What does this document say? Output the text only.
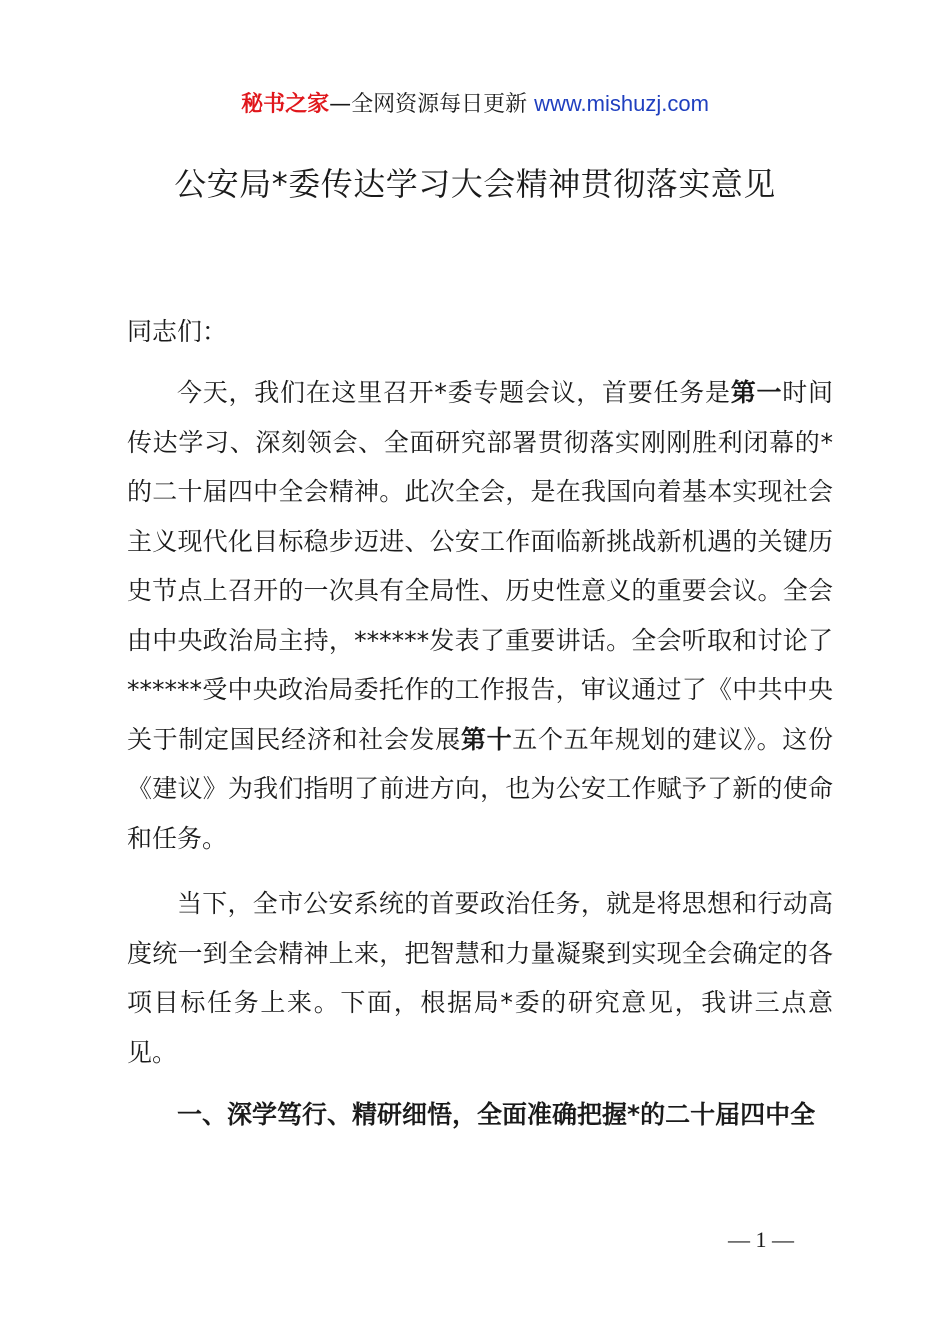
秘书之家—全网资源每日更新 www.mishuzj.com
公安局*委传达学习大会精神贯彻落实意见

同志们：

今天，我们在这里召开*委专题会议，首要任务是第一时间传达学习、深刻领会、全面研究部署贯彻落实刚刚胜利闭幕的*的二十届四中全会精神。此次全会，是在我国向着基本实现社会主义现代化目标稳步迈进、公安工作面临新挑战新机遇的关键历史节点上召开的一次具有全局性、历史性意义的重要会议。全会由中央政治局主持，******发表了重要讲话。全会听取和讨论了******受中央政治局委托作的工作报告，审议通过了《中共中央关于制定国民经济和社会发展第十五个五年规划的建议》。这份《建议》为我们指明了前进方向，也为公安工作赋予了新的使命和任务。

当下，全市公安系统的首要政治任务，就是将思想和行动高度统一到全会精神上来，把智慧和力量凝聚到实现全会确定的各项目标任务上来。下面，根据局*委的研究意见，我讲三点意见。

一、深学笃行、精研细悟，全面准确把握*的二十届四中全

— 1 —
